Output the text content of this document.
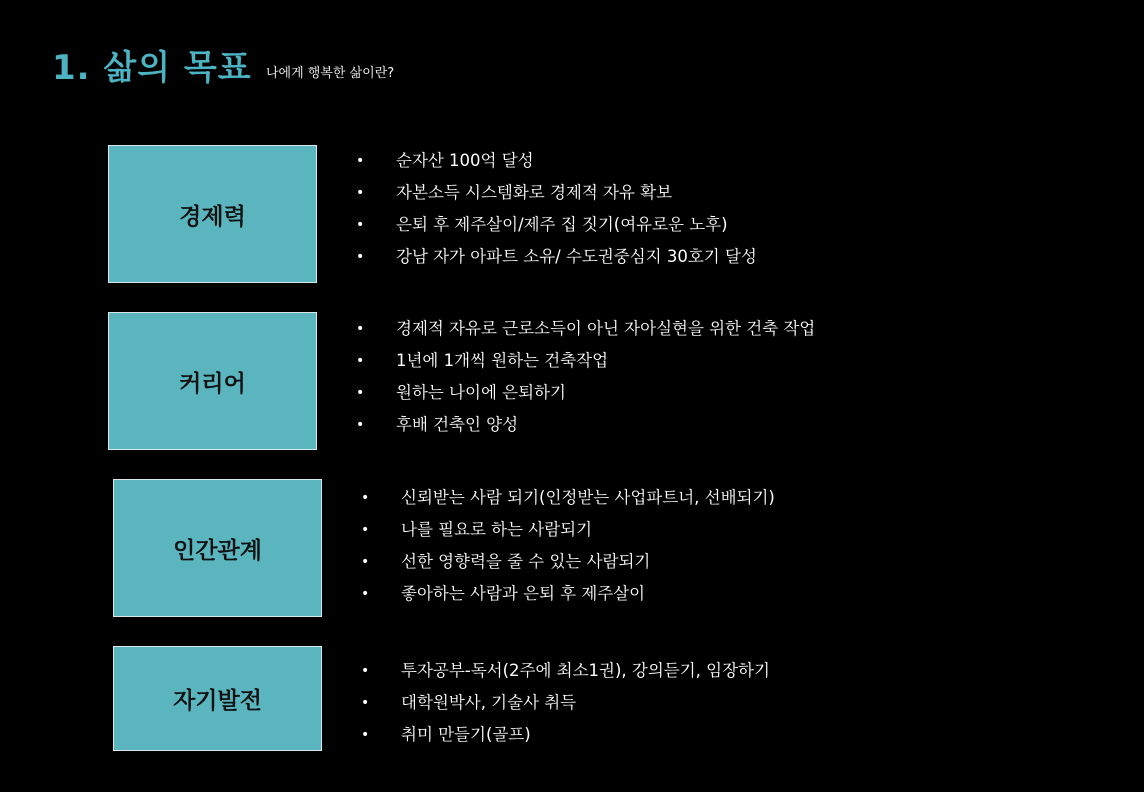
1. 삶의 목표 나에게 행복한 삶이란?
경제력
• 순자산 100억 달성
• 자본소득 시스템화로 경제적 자유 확보
• 은퇴 후 제주살이/제주 집 짓기(여유로운 노후)
• 강남 자가 아파트 소유/ 수도권중심지 30호기 달성
커리어
• 경제적 자유로 근로소득이 아닌 자아실현을 위한 건축 작업
• 1년에 1개씩 원하는 건축작업
• 원하는 나이에 은퇴하기
• 후배 건축인 양성
인간관계
• 신뢰받는 사람 되기(인정받는 사업파트너, 선배되기)
• 나를 필요로 하는 사람되기
• 선한 영향력을 줄 수 있는 사람되기
• 좋아하는 사람과 은퇴 후 제주살이
자기발전
• 투자공부-독서(2주에 최소1권), 강의듣기, 임장하기
• 대학원박사, 기술사 취득
• 취미 만들기(골프)
